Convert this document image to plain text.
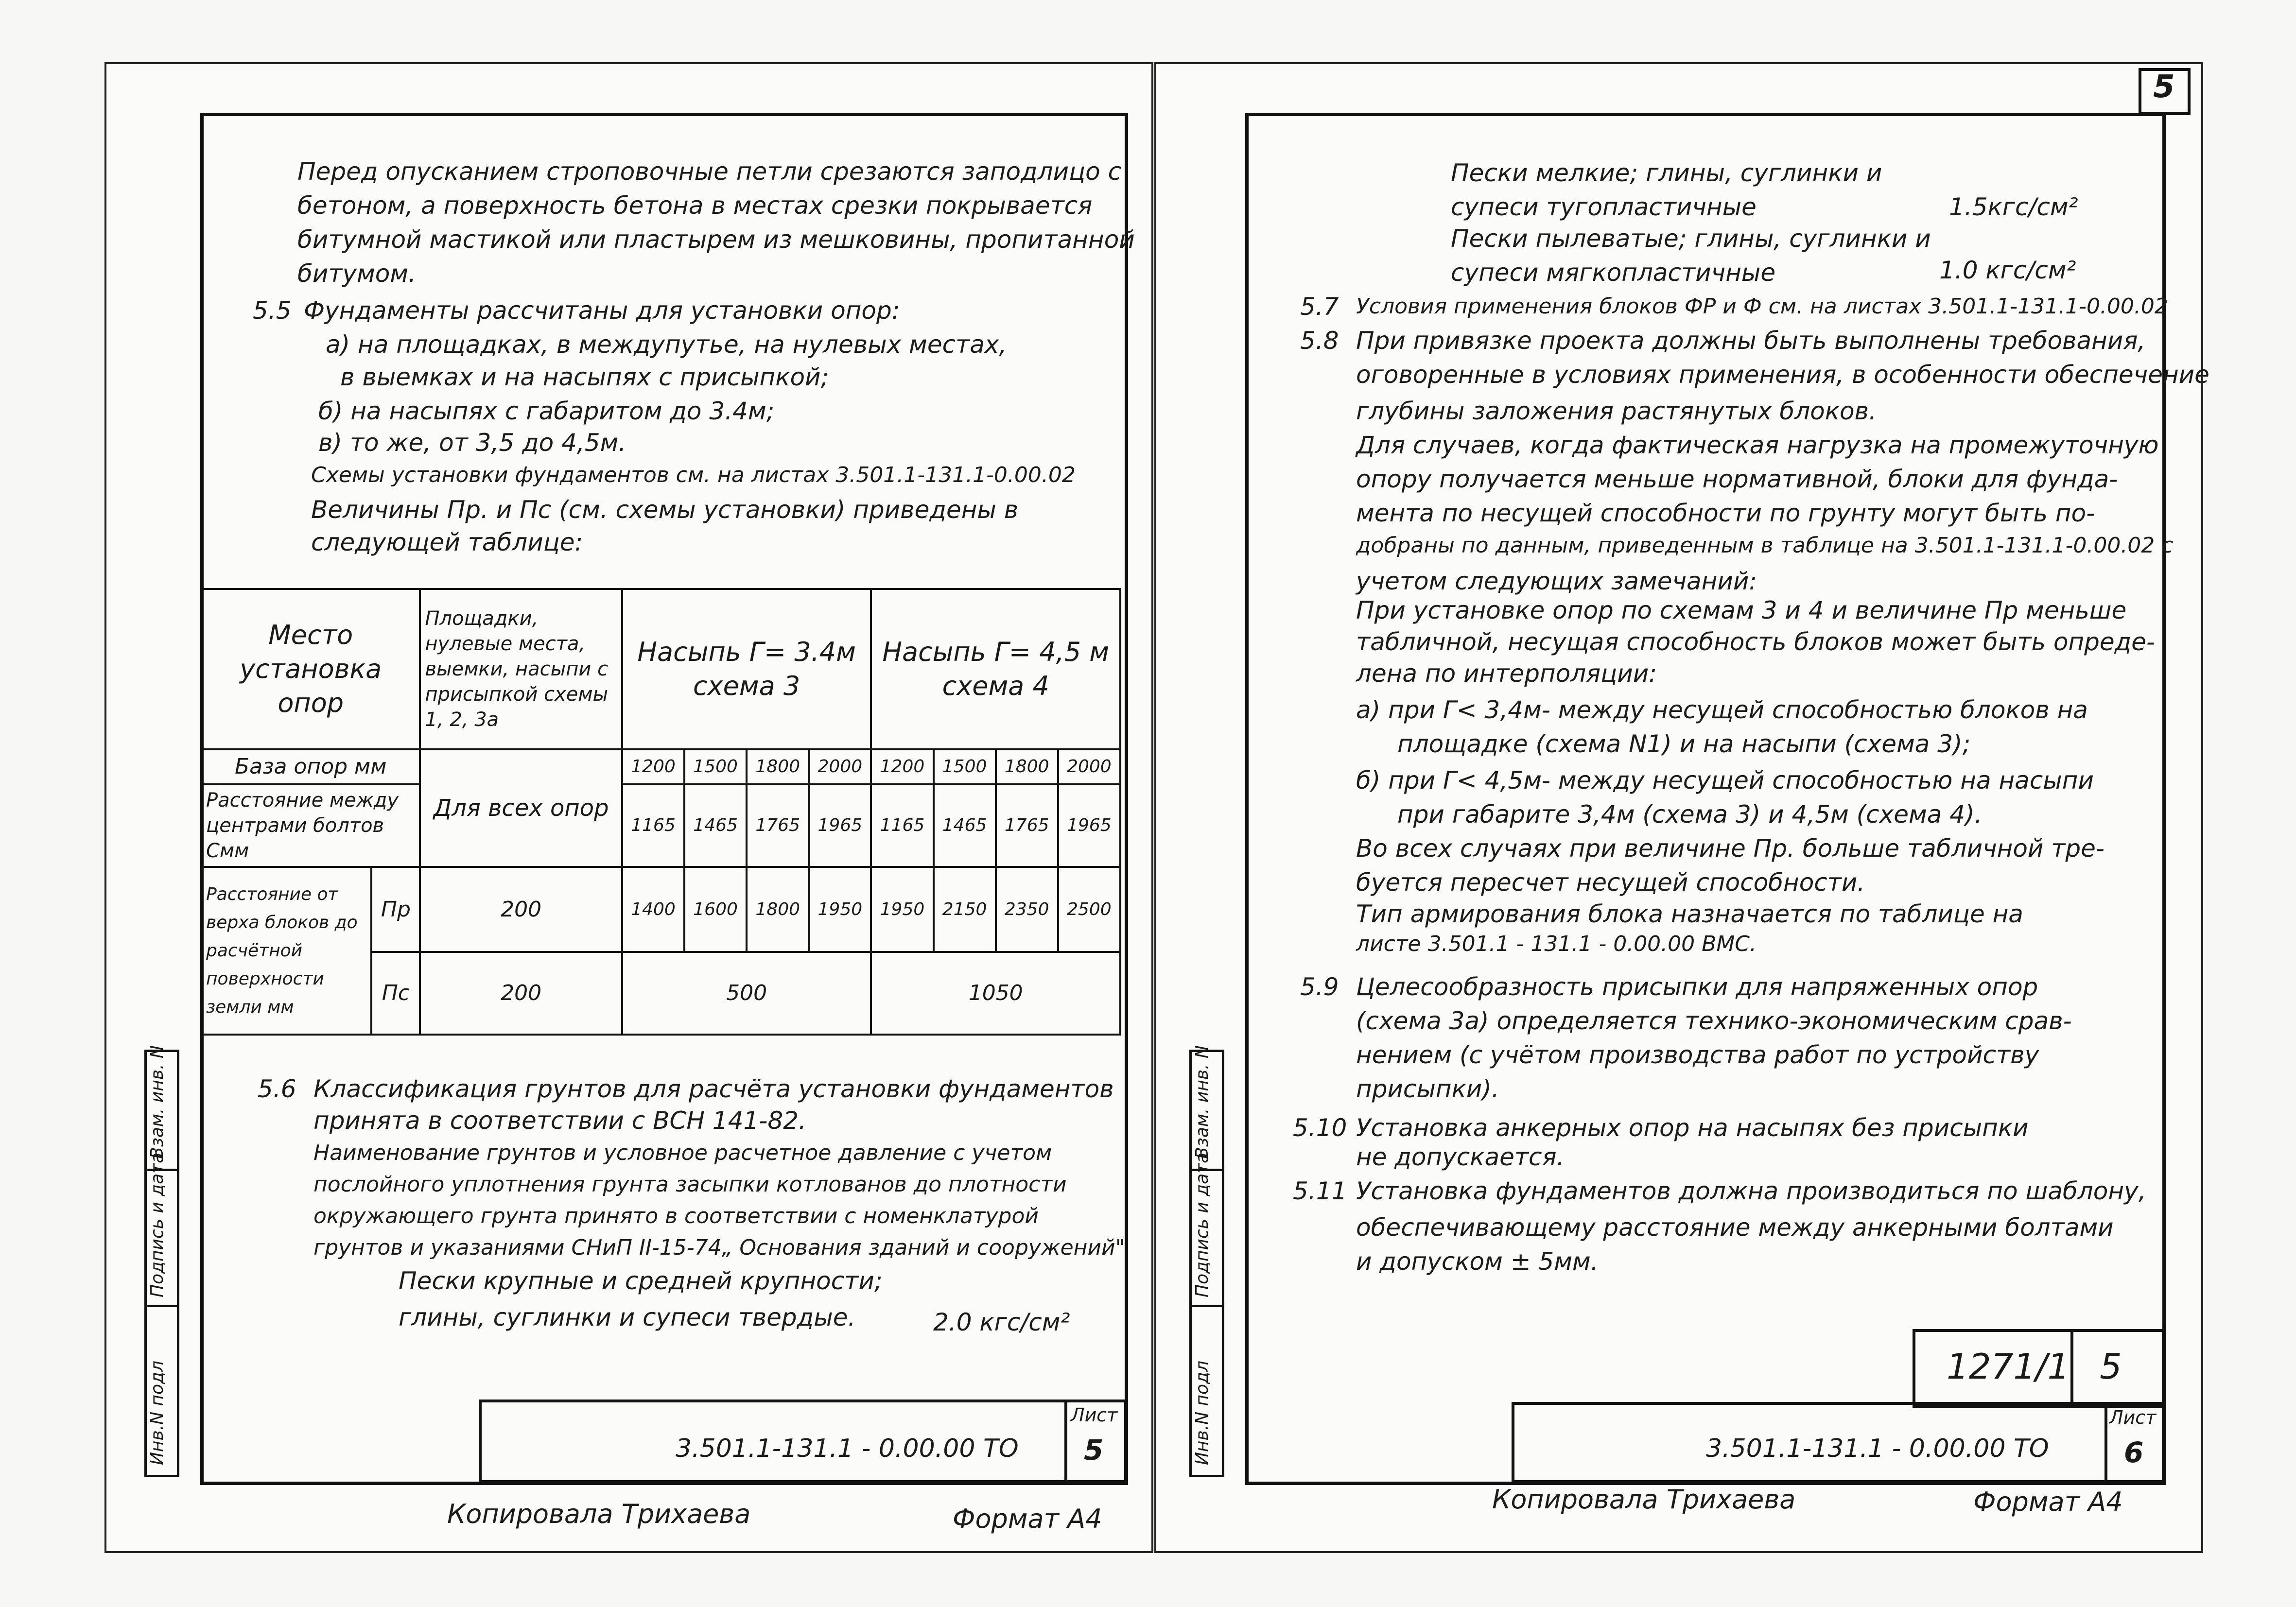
Перед опусканием строповочные петли срезаются заподлицо с
бетоном, а поверхность бетона в местах срезки покрывается
битумной мастикой или пластырем из мешковины, пропитанной
битумом.
5.5 Фундаменты рассчитаны для установки опор:
а) на площадках, в междупутье, на нулевых местах,
в выемках и на насыпях с присыпкой;
б) на насыпях с габаритом до 3.4м;
в) то же, от 3,5 до 4,5м.
Схемы установки фундаментов см. на листах 3.501.1-131.1-0.00.02
Величины Пр. и Пс (см. схемы установки) приведены в
следующей таблице:
Место установка опор		Площадки, нулевые места, выемки, насыпи с присыпкой схемы 1, 2, 3а	Насыпь Г= 3.4м схема 3				Насыпь Г= 4,5 м схема 4			
База опор мм		Для всех опор	1200	1500	1800	2000	1200	1500	1800	2000
Расстояние между центрами болтов Смм			1165	1465	1765	1965	1165	1465	1765	1965
Расстояние от верха блоков до расчётной поверхности земли мм	Пр	200	1400	1600	1800	1950	1950	2150	2350	2500
	Пс	200	500				1050			
5.6 Классификация грунтов для расчёта установки фундаментов
принята в соответствии с ВСН 141-82.
Наименование грунтов и условное расчетное давление с учетом
послойного уплотнения грунта засыпки котлованов до плотности
окружающего грунта принято в соответствии с номенклатурой
грунтов и указаниями СНиП II-15-74„ Основания зданий и сооружений"
Пески крупные и средней крупности;
глины, суглинки и супеси твердые.	2.0 кгс/см²
Инв.N подл
Подпись и дата
Взам. инв. N
3.501.1-131.1 - 0.00.00 ТО
Лист
5
Копировала Трихаева	Формат А4
5
Пески мелкие; глины, суглинки и
супеси тугопластичные	1.5кгс/см²
Пески пылеватые; глины, суглинки и
супеси мягкопластичные	1.0 кгс/см²
5.7 Условия применения блоков ФР и Ф см. на листах 3.501.1-131.1-0.00.02
5.8 При привязке проекта должны быть выполнены требования,
оговоренные в условиях применения, в особенности обеспечение
глубины заложения растянутых блоков.
Для случаев, когда фактическая нагрузка на промежуточную
опору получается меньше нормативной, блоки для фунда-
мента по несущей способности по грунту могут быть по-
добраны по данным, приведенным в таблице на 3.501.1-131.1-0.00.02 с
учетом следующих замечаний:
При установке опор по схемам 3 и 4 и величине Пр меньше
табличной, несущая способность блоков может быть опреде-
лена по интерполяции:
а) при Г< 3,4м- между несущей способностью блоков на
площадке (схема N1) и на насыпи (схема 3);
б) при Г< 4,5м- между несущей способностью на насыпи
при габарите 3,4м (схема 3) и 4,5м (схема 4).
Во всех случаях при величине Пр. больше табличной тре-
буется пересчет несущей способности.
Тип армирования блока назначается по таблице на
листе 3.501.1 - 131.1 - 0.00.00 ВМС.
5.9 Целесообразность присыпки для напряженных опор
(схема 3а) определяется технико-экономическим срав-
нением (с учётом производства работ по устройству
присыпки).
5.10 Установка анкерных опор на насыпях без присыпки
не допускается.
5.11 Установка фундаментов должна производиться по шаблону,
обеспечивающему расстояние между анкерными болтами
и допуском ± 5мм.
Инв.N подл
Подпись и дата
Взам. инв. N
1271/1 5
3.501.1-131.1 - 0.00.00 ТО
Лист
6
Копировала Трихаева	Формат А4
